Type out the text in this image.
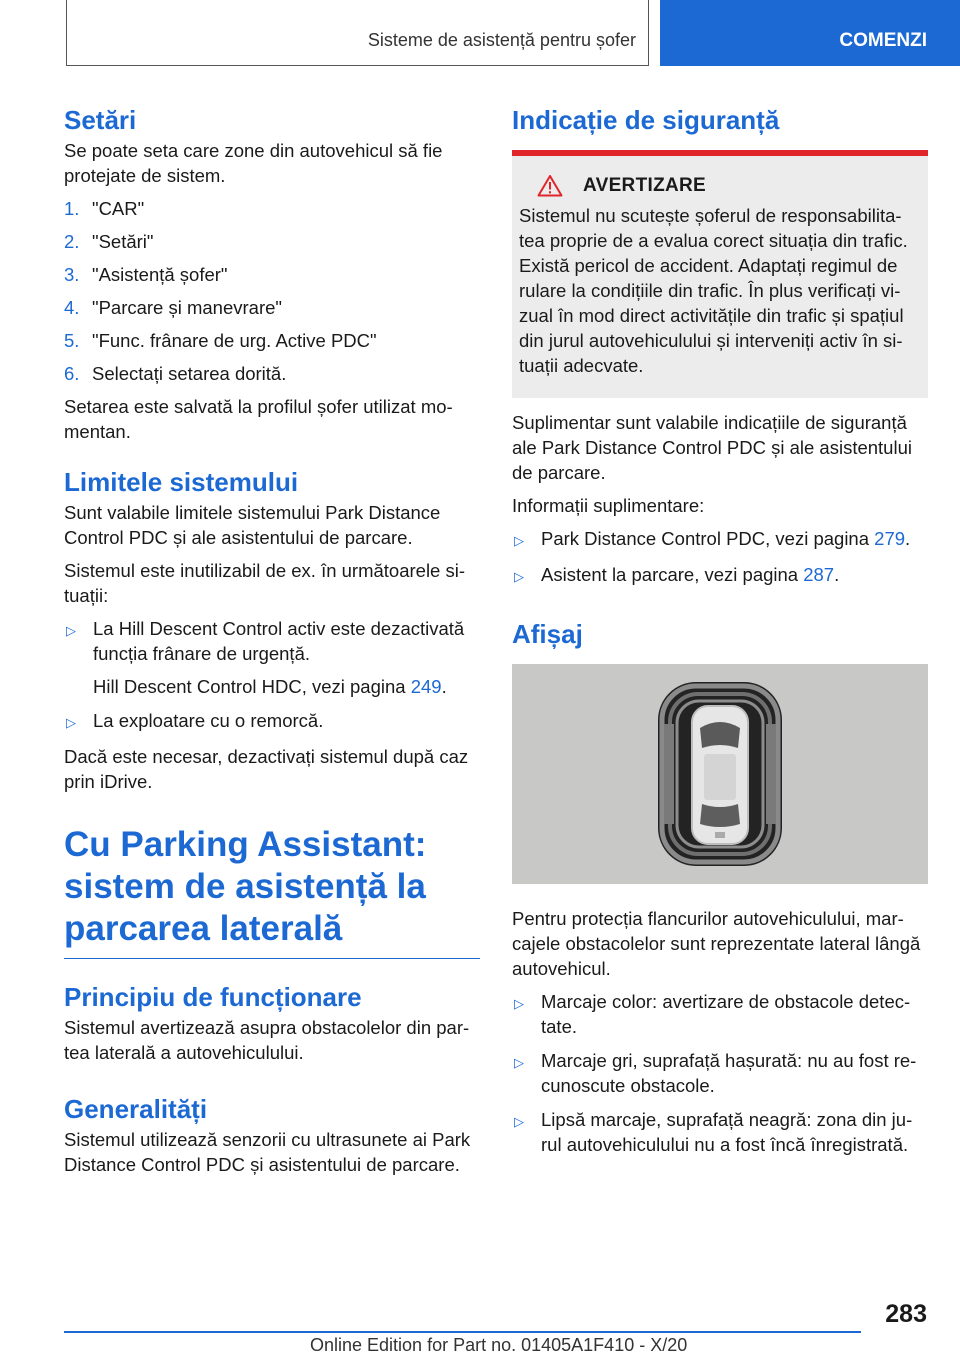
Sisteme de asistență pentru șofer	COMENZI
Setări
Se poate seta care zone din autovehicul să fie protejate de sistem.
1. "CAR"
2. "Setări"
3. "Asistență șofer"
4. "Parcare și manevrare"
5. "Func. frânare de urg. Active PDC"
6. Selectați setarea dorită.
Setarea este salvată la profilul șofer utilizat mo-mentan.
Limitele sistemului
Sunt valabile limitele sistemului Park Distance Control PDC și ale asistentului de parcare.
Sistemul este inutilizabil de ex. în următoarele si-tuații:
▷ La Hill Descent Control activ este dezactivată funcția frânare de urgență.
Hill Descent Control HDC, vezi pagina 249.
▷ La exploatare cu o remorcă.
Dacă este necesar, dezactivați sistemul după caz prin iDrive.
Cu Parking Assistant: sistem de asistență la parcarea laterală
Principiu de funcționare
Sistemul avertizează asupra obstacolelor din par-tea laterală a autovehiculului.
Generalități
Sistemul utilizează senzorii cu ultrasunete ai Park Distance Control PDC și asistentului de parcare.
Indicație de siguranță
AVERTIZARE
Sistemul nu scutește șoferul de responsabilita-tea proprie de a evalua corect situația din trafic. Există pericol de accident. Adaptați regimul de rulare la condițiile din trafic. În plus verificați vi-zual în mod direct activitățile din trafic și spațiul din jurul autovehiculului și interveniți activ în si-tuații adecvate.
Suplimentar sunt valabile indicațiile de siguranță ale Park Distance Control PDC și ale asistentului de parcare.
Informații suplimentare:
▷ Park Distance Control PDC, vezi pagina 279.
▷ Asistent la parcare, vezi pagina 287.
Afișaj
Pentru protecția flancurilor autovehiculului, mar-cajele obstacolelor sunt reprezentate lateral lângă autovehicul.
▷ Marcaje color: avertizare de obstacole detec-tate.
▷ Marcaje gri, suprafață hașurată: nu au fost re-cunoscute obstacole.
▷ Lipsă marcaje, suprafață neagră: zona din ju-rul autovehiculului nu a fost încă înregistrată.
283
Online Edition for Part no. 01405A1F410 - X/20
